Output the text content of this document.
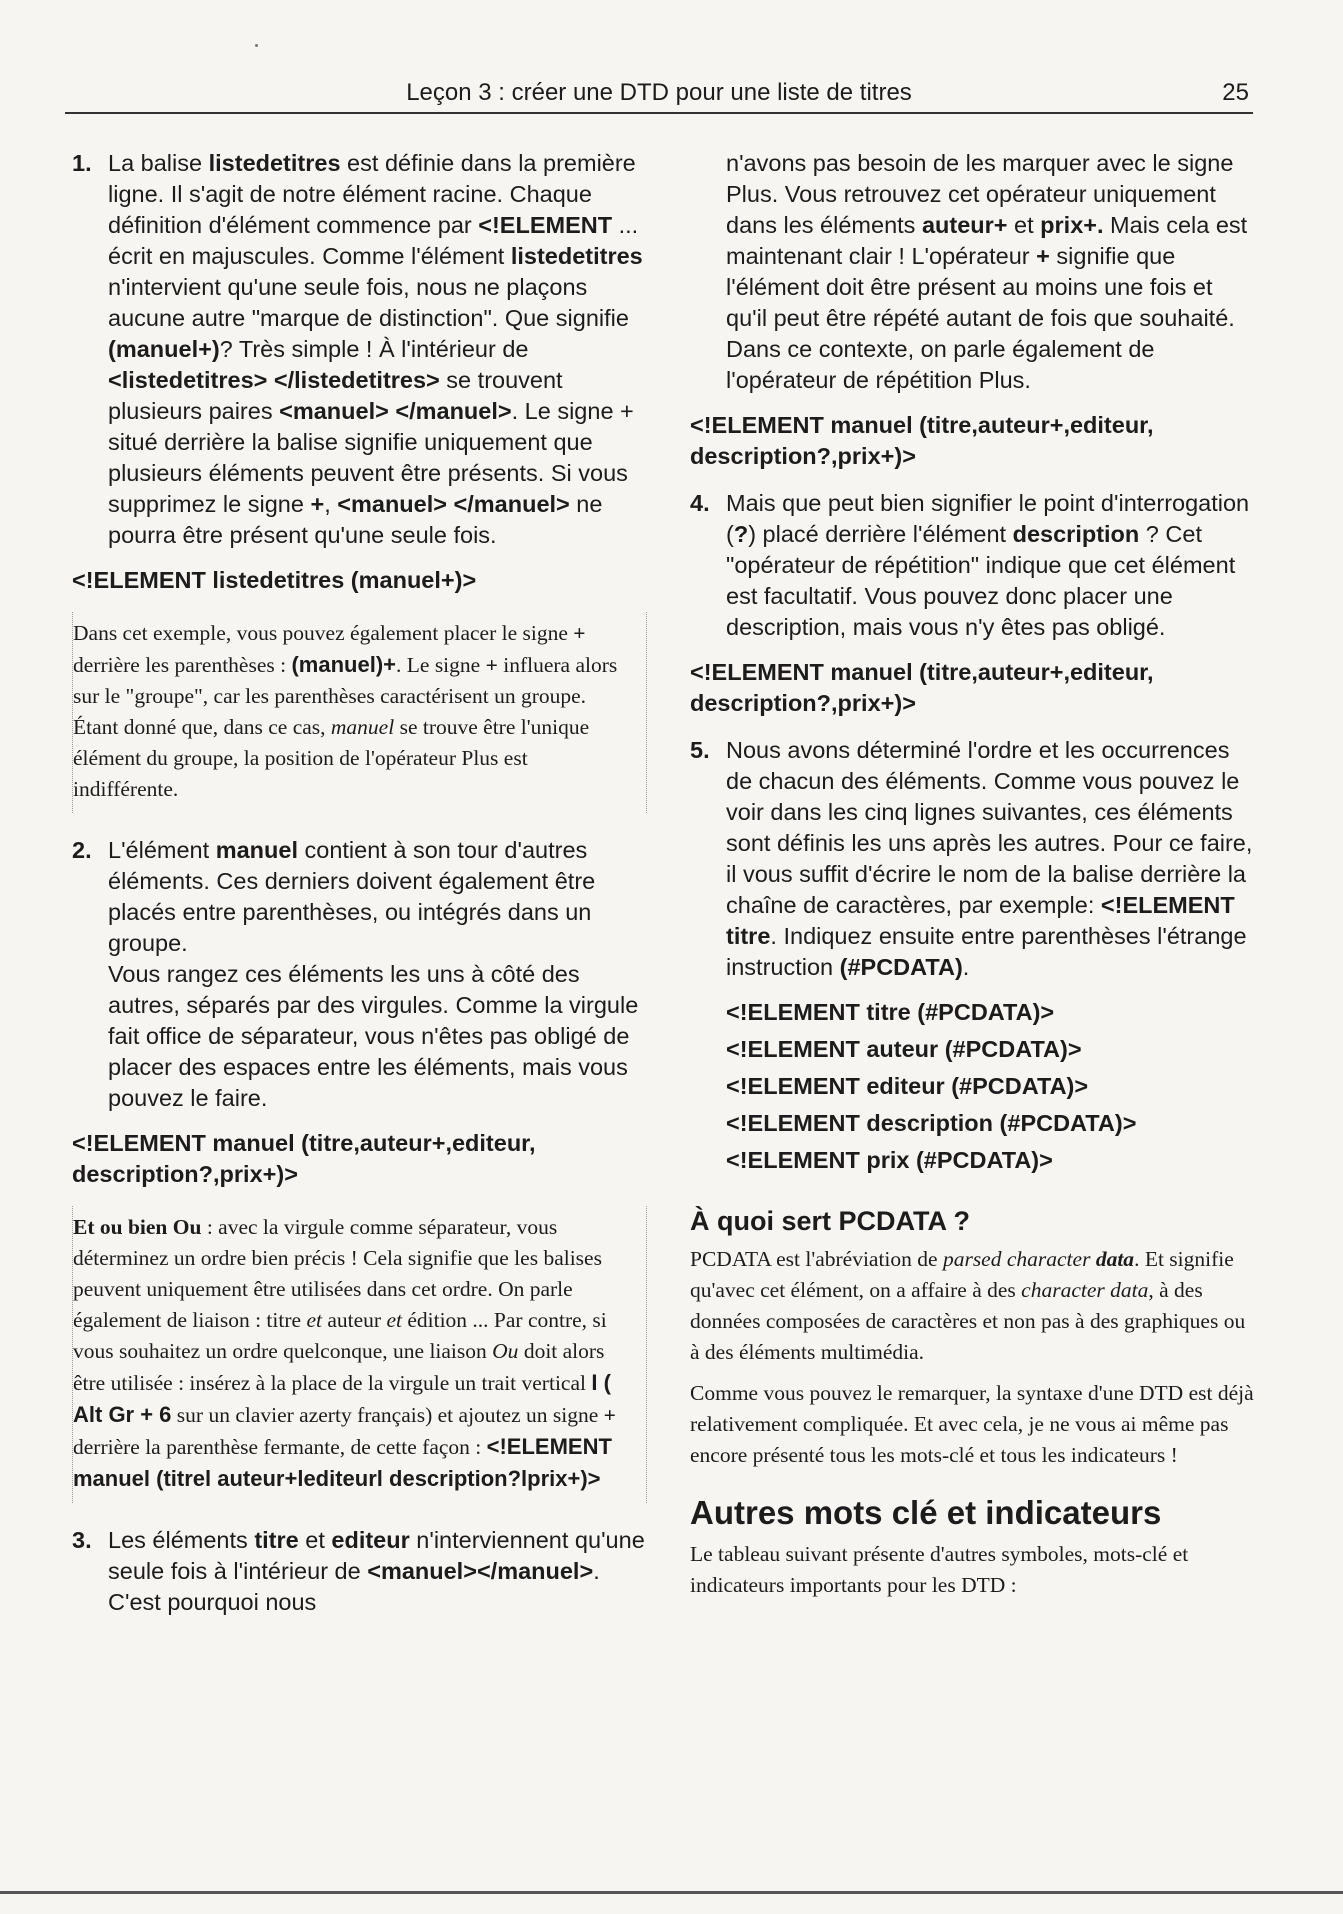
Leçon 3 : créer une DTD pour une liste de titres	25
1. La balise listedetitres est définie dans la première ligne. Il s'agit de notre élément racine. Chaque définition d'élément commence par <!ELEMENT ... écrit en majuscules. Comme l'élément listedetitres n'intervient qu'une seule fois, nous ne plaçons aucune autre "marque de distinction". Que signifie (manuel+)? Très simple ! À l'intérieur de <listedetitres> </listedetitres> se trouvent plusieurs paires <manuel> </manuel>. Le signe + situé derrière la balise signifie uniquement que plusieurs éléments peuvent être présents. Si vous supprimez le signe +, <manuel> </manuel> ne pourra être présent qu'une seule fois.
<!ELEMENT listedetitres (manuel+)>
Dans cet exemple, vous pouvez également placer le signe + derrière les parenthèses : (manuel)+. Le signe + influera alors sur le "groupe", car les parenthèses caractérisent un groupe. Étant donné que, dans ce cas, manuel se trouve être l'unique élément du groupe, la position de l'opérateur Plus est indifférente.
2. L'élément manuel contient à son tour d'autres éléments. Ces derniers doivent également être placés entre parenthèses, ou intégrés dans un groupe.
Vous rangez ces éléments les uns à côté des autres, séparés par des virgules. Comme la virgule fait office de séparateur, vous n'êtes pas obligé de placer des espaces entre les éléments, mais vous pouvez le faire.
<!ELEMENT manuel (titre,auteur+,editeur, description?,prix+)>
Et ou bien Ou : avec la virgule comme séparateur, vous déterminez un ordre bien précis ! Cela signifie que les balises peuvent uniquement être utilisées dans cet ordre. On parle également de liaison : titre et auteur et édition ... Par contre, si vous souhaitez un ordre quelconque, une liaison Ou doit alors être utilisée : insérez à la place de la virgule un trait vertical I ( Alt Gr + 6 sur un clavier azerty français) et ajoutez un signe + derrière la parenthèse fermante, de cette façon : <!ELEMENT manuel (titrel auteur+lediteurl description?lprix+)>
3. Les éléments titre et editeur n'interviennent qu'une seule fois à l'intérieur de <manuel></manuel>. C'est pourquoi nous
n'avons pas besoin de les marquer avec le signe Plus. Vous retrouvez cet opérateur uniquement dans les éléments auteur+ et prix+. Mais cela est maintenant clair ! L'opérateur + signifie que l'élément doit être présent au moins une fois et qu'il peut être répété autant de fois que souhaité. Dans ce contexte, on parle également de l'opérateur de répétition Plus.
<!ELEMENT manuel (titre,auteur+,editeur, description?,prix+)>
4. Mais que peut bien signifier le point d'interrogation (?) placé derrière l'élément description ? Cet "opérateur de répétition" indique que cet élément est facultatif. Vous pouvez donc placer une description, mais vous n'y êtes pas obligé.
<!ELEMENT manuel (titre,auteur+,editeur, description?,prix+)>
5. Nous avons déterminé l'ordre et les occurrences de chacun des éléments. Comme vous pouvez le voir dans les cinq lignes suivantes, ces éléments sont définis les uns après les autres. Pour ce faire, il vous suffit d'écrire le nom de la balise derrière la chaîne de caractères, par exemple: <!ELEMENT titre. Indiquez ensuite entre parenthèses l'étrange instruction (#PCDATA).
<!ELEMENT titre (#PCDATA)>
<!ELEMENT auteur (#PCDATA)>
<!ELEMENT editeur (#PCDATA)>
<!ELEMENT description (#PCDATA)>
<!ELEMENT prix (#PCDATA)>
À quoi sert PCDATA ?
PCDATA est l'abréviation de parsed character data. Et signifie qu'avec cet élément, on a affaire à des character data, à des données composées de caractères et non pas à des graphiques ou à des éléments multimédia.
Comme vous pouvez le remarquer, la syntaxe d'une DTD est déjà relativement compliquée. Et avec cela, je ne vous ai même pas encore présenté tous les mots-clé et tous les indicateurs !
Autres mots clé et indicateurs
Le tableau suivant présente d'autres symboles, mots-clé et indicateurs importants pour les DTD :
